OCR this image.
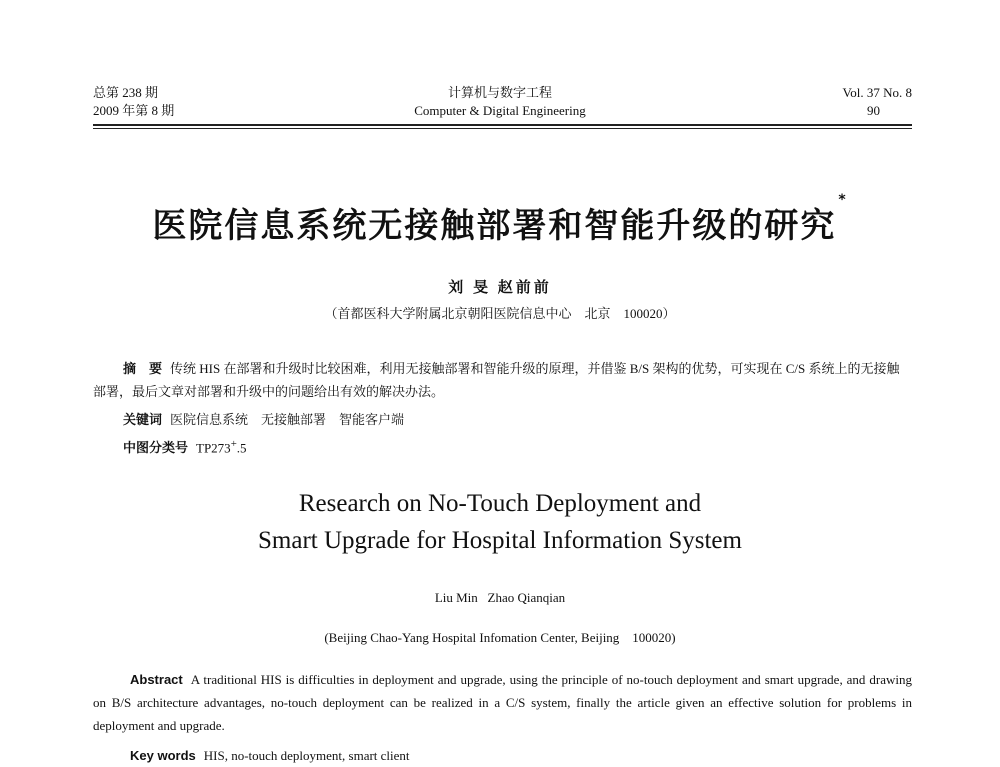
总第 238 期
2009 年第 8 期
计算机与数字工程
Computer & Digital Engineering
Vol. 37 No. 8
90
医院信息系统无接触部署和智能升级的研究*
刘 旻 赵前前
（首都医科大学附属北京朝阳医院信息中心　北京　100020）
摘　要 传统 HIS 在部署和升级时比较困难，利用无接触部署和智能升级的原理，并借鉴 B/S 架构的优势，可实现在 C/S 系统上的无接触部署，最后文章对部署和升级中的问题给出有效的解决办法。
关键词 医院信息系统　无接触部署　智能客户端
中图分类号 TP273+.5
Research on No-Touch Deployment and
Smart Upgrade for Hospital Information System
Liu Min Zhao Qianqian
(Beijing Chao-Yang Hospital Infomation Center, Beijing　100020)
Abstract A traditional HIS is difficulties in deployment and upgrade, using the principle of no-touch deployment and smart upgrade, and drawing on B/S architecture advantages, no-touch deployment can be realized in a C/S system, finally the article given an effective solution for problems in deployment and upgrade.
Key words HIS, no-touch deployment, smart client
